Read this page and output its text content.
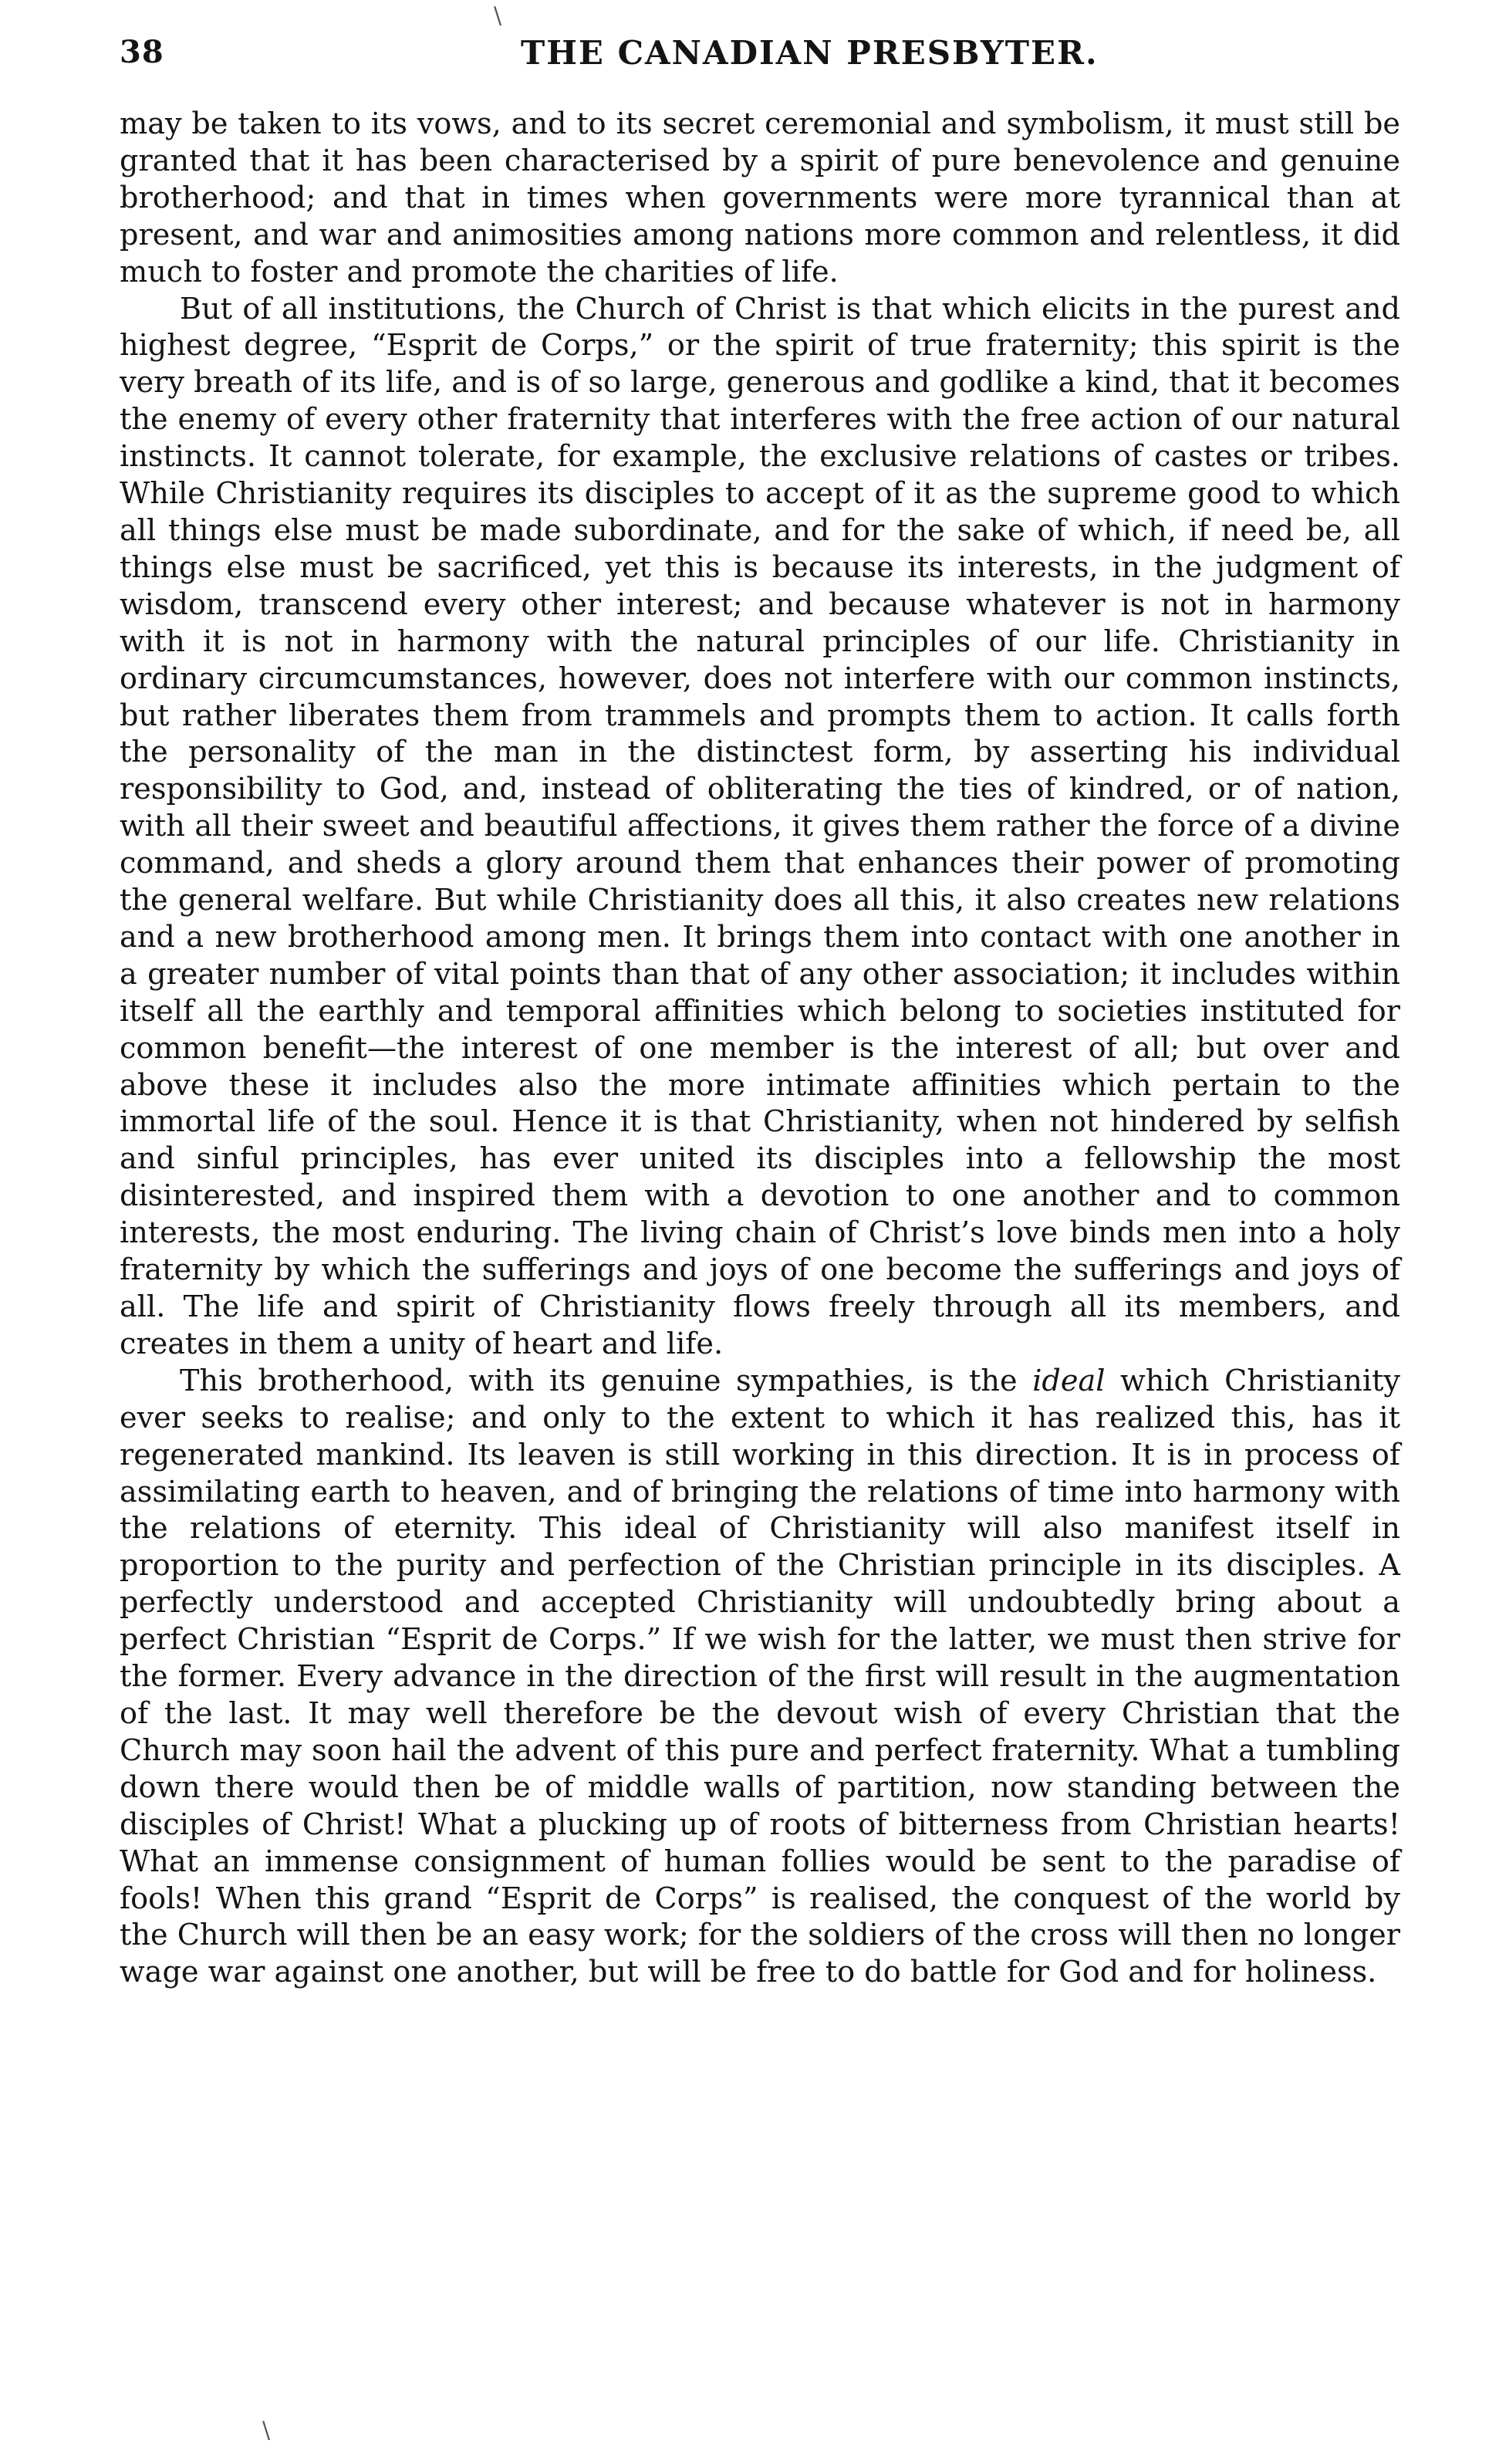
38	THE CANADIAN PRESBYTER.

may be taken to its vows, and to its secret ceremonial and symbolism, it must still be granted that it has been characterised by a spirit of pure benevolence and genuine brotherhood; and that in times when governments were more tyrannical than at present, and war and animosities among nations more common and relentless, it did much to foster and promote the charities of life.

But of all institutions, the Church of Christ is that which elicits in the purest and highest degree, “Esprit de Corps,” or the spirit of true fraternity; this spirit is the very breath of its life, and is of so large, generous and godlike a kind, that it becomes the enemy of every other fraternity that interferes with the free action of our natural instincts. It cannot tolerate, for example, the exclusive relations of castes or tribes. While Christianity requires its disciples to accept of it as the supreme good to which all things else must be made subordinate, and for the sake of which, if need be, all things else must be sacrificed, yet this is because its interests, in the judgment of wisdom, transcend every other interest; and because whatever is not in harmony with it is not in harmony with the natural principles of our life. Christianity in ordinary circumcumstances, however, does not interfere with our common instincts, but rather liberates them from trammels and prompts them to action. It calls forth the personality of the man in the distinctest form, by asserting his individual responsibility to God, and, instead of obliterating the ties of kindred, or of nation, with all their sweet and beautiful affections, it gives them rather the force of a divine command, and sheds a glory around them that enhances their power of promoting the general welfare. But while Christianity does all this, it also creates new relations and a new brotherhood among men. It brings them into contact with one another in a greater number of vital points than that of any other association; it includes within itself all the earthly and temporal affinities which belong to societies instituted for common benefit—the interest of one member is the interest of all; but over and above these it includes also the more intimate affinities which pertain to the immortal life of the soul. Hence it is that Christianity, when not hindered by selfish and sinful principles, has ever united its disciples into a fellowship the most disinterested, and inspired them with a devotion to one another and to common interests, the most enduring. The living chain of Christ’s love binds men into a holy fraternity by which the sufferings and joys of one become the sufferings and joys of all. The life and spirit of Christianity flows freely through all its members, and creates in them a unity of heart and life.

This brotherhood, with its genuine sympathies, is the ideal which Christianity ever seeks to realise; and only to the extent to which it has realized this, has it regenerated mankind. Its leaven is still working in this direction. It is in process of assimilating earth to heaven, and of bringing the relations of time into harmony with the relations of eternity. This ideal of Christianity will also manifest itself in proportion to the purity and perfection of the Christian principle in its disciples. A perfectly understood and accepted Christianity will undoubtedly bring about a perfect Christian “Esprit de Corps.” If we wish for the latter, we must then strive for the former. Every advance in the direction of the first will result in the augmentation of the last. It may well therefore be the devout wish of every Christian that the Church may soon hail the advent of this pure and perfect fraternity. What a tumbling down there would then be of middle walls of partition, now standing between the disciples of Christ! What a plucking up of roots of bitterness from Christian hearts! What an immense consignment of human follies would be sent to the paradise of fools! When this grand “Esprit de Corps” is realised, the conquest of the world by the Church will then be an easy work; for the soldiers of the cross will then no longer wage war against one another, but will be free to do battle for God and for holiness.

\
\
